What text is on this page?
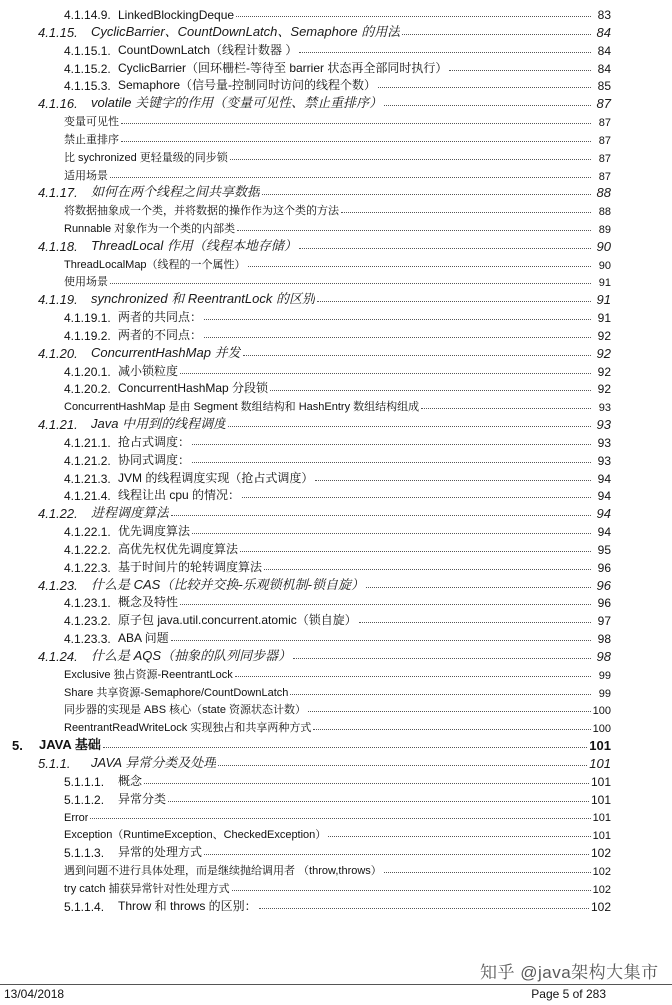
4.1.14.9. LinkedBlockingDeque	83
4.1.15.	CyclicBarrier、CountDownLatch、Semaphore 的用法	84
4.1.15.1. CountDownLatch（线程计数器 ）	84
4.1.15.2. CyclicBarrier（回环栅栏-等待至 barrier 状态再全部同时执行）	84
4.1.15.3. Semaphore（信号量-控制同时访问的线程个数）	85
4.1.16.	volatile 关键字的作用（变量可见性、禁止重排序）	87
变量可见性	87
禁止重排序	87
比 sychronized 更轻量级的同步锁	87
适用场景	87
4.1.17.	如何在两个线程之间共享数据	88
将数据抽象成一个类，并将数据的操作作为这个类的方法	88
Runnable 对象作为一个类的内部类	89
4.1.18.	ThreadLocal 作用（线程本地存储）	90
ThreadLocalMap（线程的一个属性）	90
使用场景	91
4.1.19.	synchronized 和 ReentrantLock 的区别	91
4.1.19.1. 两者的共同点：	91
4.1.19.2. 两者的不同点：	92
4.1.20.	ConcurrentHashMap 并发	92
4.1.20.1. 减小锁粒度	92
4.1.20.2. ConcurrentHashMap 分段锁	92
ConcurrentHashMap 是由 Segment 数组结构和 HashEntry 数组结构组成	93
4.1.21.	Java 中用到的线程调度	93
4.1.21.1. 抢占式调度：	93
4.1.21.2. 协同式调度：	93
4.1.21.3. JVM 的线程调度实现（抢占式调度）	94
4.1.21.4. 线程让出 cpu 的情况：	94
4.1.22.	进程调度算法	94
4.1.22.1. 优先调度算法	94
4.1.22.2. 高优先权优先调度算法	95
4.1.22.3. 基于时间片的轮转调度算法	96
4.1.23.	什么是 CAS（比较并交换-乐观锁机制-锁自旋）	96
4.1.23.1. 概念及特性	96
4.1.23.2. 原子包 java.util.concurrent.atomic（锁自旋）	97
4.1.23.3. ABA 问题	98
4.1.24.	什么是 AQS（抽象的队列同步器）	98
Exclusive 独占资源-ReentrantLock	99
Share 共享资源-Semaphore/CountDownLatch	99
同步器的实现是 ABS 核心（state 资源状态计数）	100
ReentrantReadWriteLock 实现独占和共享两种方式	100
5.	JAVA 基础	101
5.1.1.	JAVA 异常分类及处理	101
5.1.1.1.	概念	101
5.1.1.2.	异常分类	101
Error	101
Exception（RuntimeException、CheckedException）	101
5.1.1.3.	异常的处理方式	102
遇到问题不进行具体处理，而是继续抛给调用者 （throw,throws）	102
try catch 捕获异常针对性处理方式	102
5.1.1.4.	Throw 和 throws 的区别：	102
知乎 @java架构大集市
13/04/2018	Page 5 of 283
